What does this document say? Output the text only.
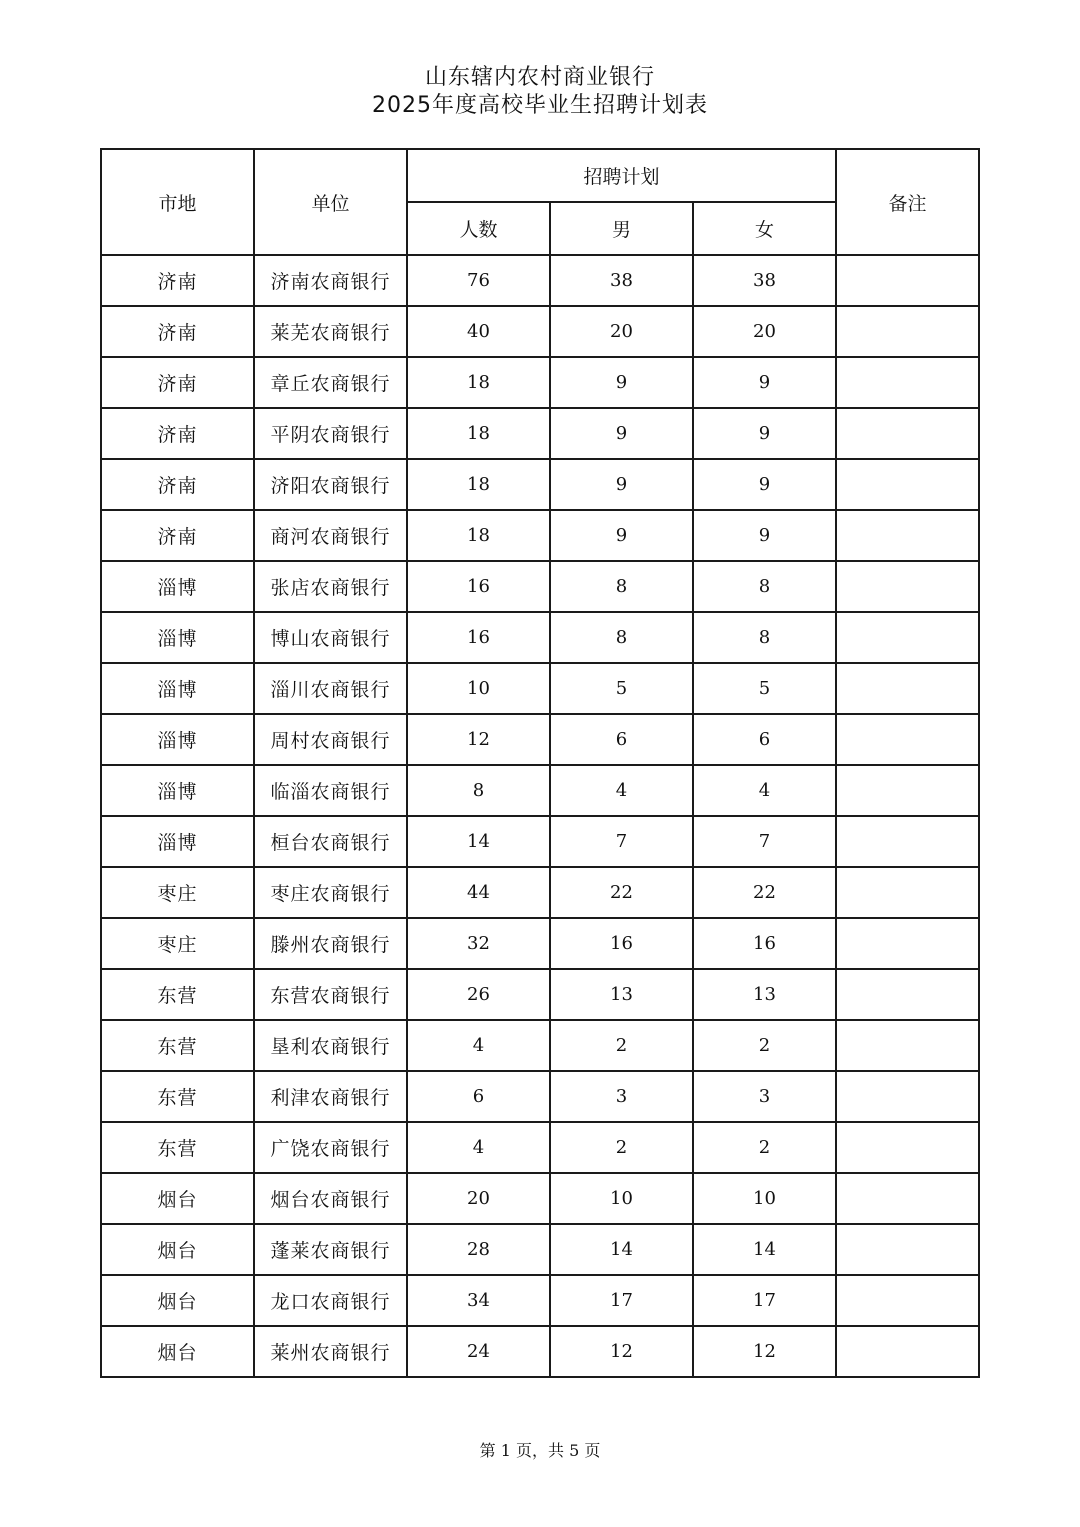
山东辖内农村商业银行
2025年度高校毕业生招聘计划表
市地	单位	招聘计划			备注
		人数	男	女	
济南	济南农商银行	76	38	38	
济南	莱芜农商银行	40	20	20	
济南	章丘农商银行	18	9	9	
济南	平阴农商银行	18	9	9	
济南	济阳农商银行	18	9	9	
济南	商河农商银行	18	9	9	
淄博	张店农商银行	16	8	8	
淄博	博山农商银行	16	8	8	
淄博	淄川农商银行	10	5	5	
淄博	周村农商银行	12	6	6	
淄博	临淄农商银行	8	4	4	
淄博	桓台农商银行	14	7	7	
枣庄	枣庄农商银行	44	22	22	
枣庄	滕州农商银行	32	16	16	
东营	东营农商银行	26	13	13	
东营	垦利农商银行	4	2	2	
东营	利津农商银行	6	3	3	
东营	广饶农商银行	4	2	2	
烟台	烟台农商银行	20	10	10	
烟台	蓬莱农商银行	28	14	14	
烟台	龙口农商银行	34	17	17	
烟台	莱州农商银行	24	12	12	
第 1 页，共 5 页
